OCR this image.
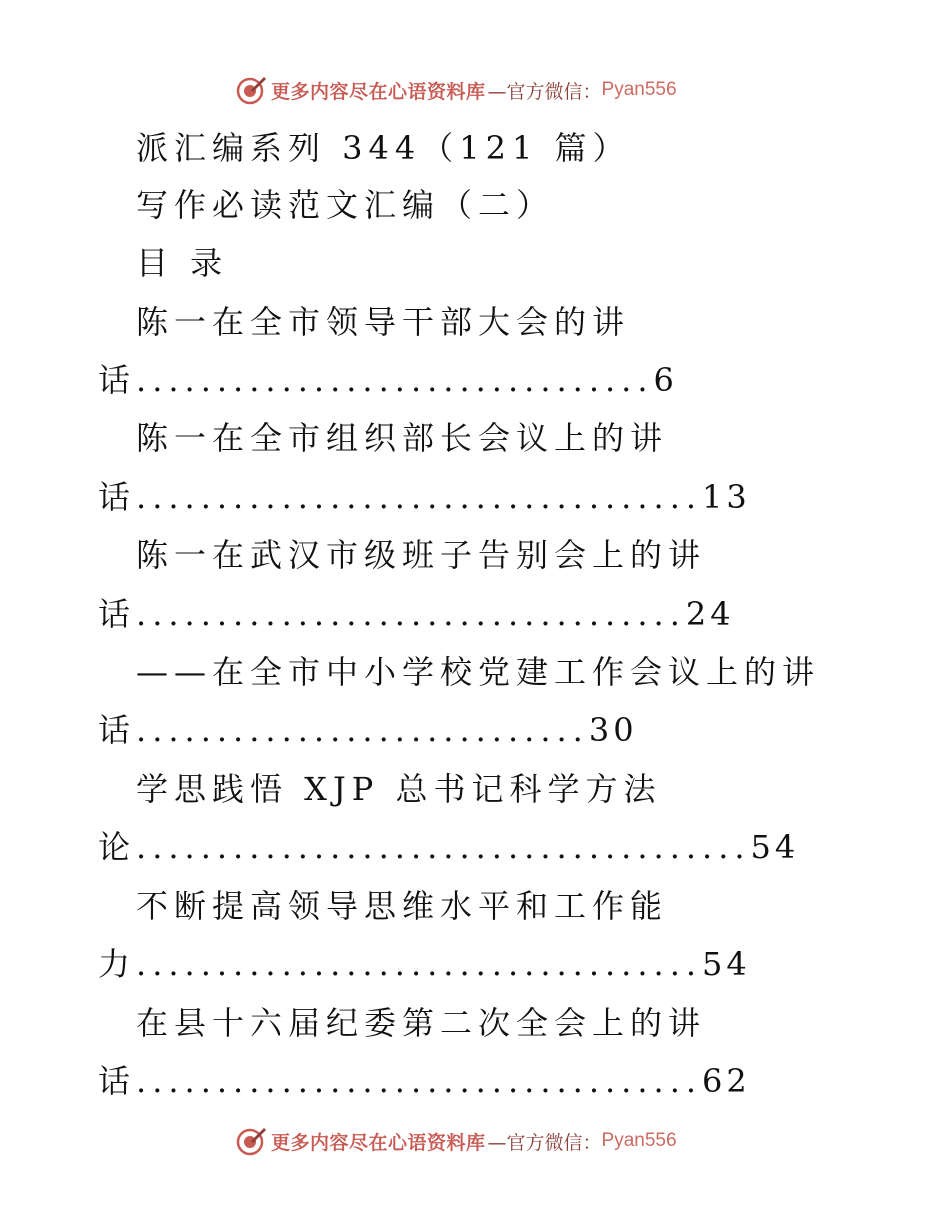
更多内容尽在心语资料库 —官方微信： Pyan556
派汇编系列 344（121 篇）
写作必读范文汇编（二）
目 录
陈一在全市领导干部大会的讲
话................................6
陈一在全市组织部长会议上的讲
话...................................13
陈一在武汉市级班子告别会上的讲
话..................................24
——在全市中小学校党建工作会议上的讲
话............................30
学思践悟 XJP 总书记科学方法
论......................................54
不断提高领导思维水平和工作能
力...................................54
在县十六届纪委第二次全会上的讲
话...................................62
更多内容尽在心语资料库 —官方微信： Pyan556
